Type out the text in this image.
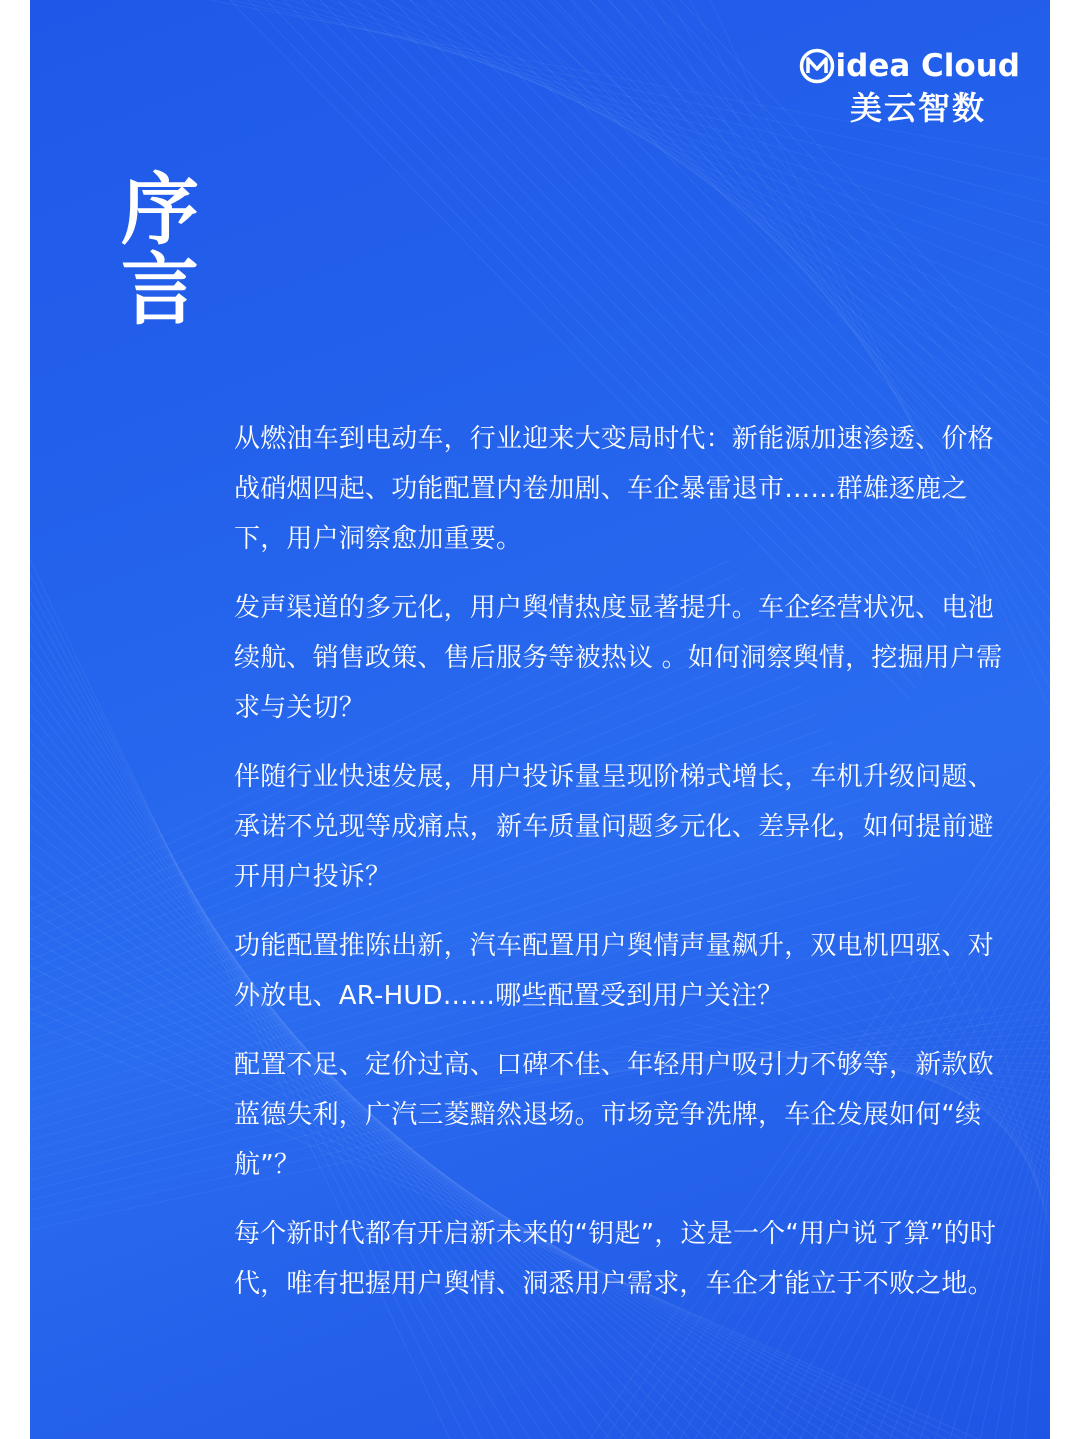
idea Cloud
美云智数
序言

从燃油车到电动车，行业迎来大变局时代：新能源加速渗透、价格战硝烟四起、功能配置内卷加剧、车企暴雷退市……群雄逐鹿之下，用户洞察愈加重要。

发声渠道的多元化，用户舆情热度显著提升。车企经营状况、电池续航、销售政策、售后服务等被热议 。如何洞察舆情，挖掘用户需求与关切？

伴随行业快速发展，用户投诉量呈现阶梯式增长，车机升级问题、承诺不兑现等成痛点，新车质量问题多元化、差异化，如何提前避开用户投诉？

功能配置推陈出新，汽车配置用户舆情声量飙升，双电机四驱、对外放电、AR-HUD……哪些配置受到用户关注？

配置不足、定价过高、口碑不佳、年轻用户吸引力不够等，新款欧蓝德失利，广汽三菱黯然退场。市场竞争洗牌，车企发展如何“续航”？

每个新时代都有开启新未来的“钥匙”，这是一个“用户说了算”的时代，唯有把握用户舆情、洞悉用户需求，车企才能立于不败之地。
